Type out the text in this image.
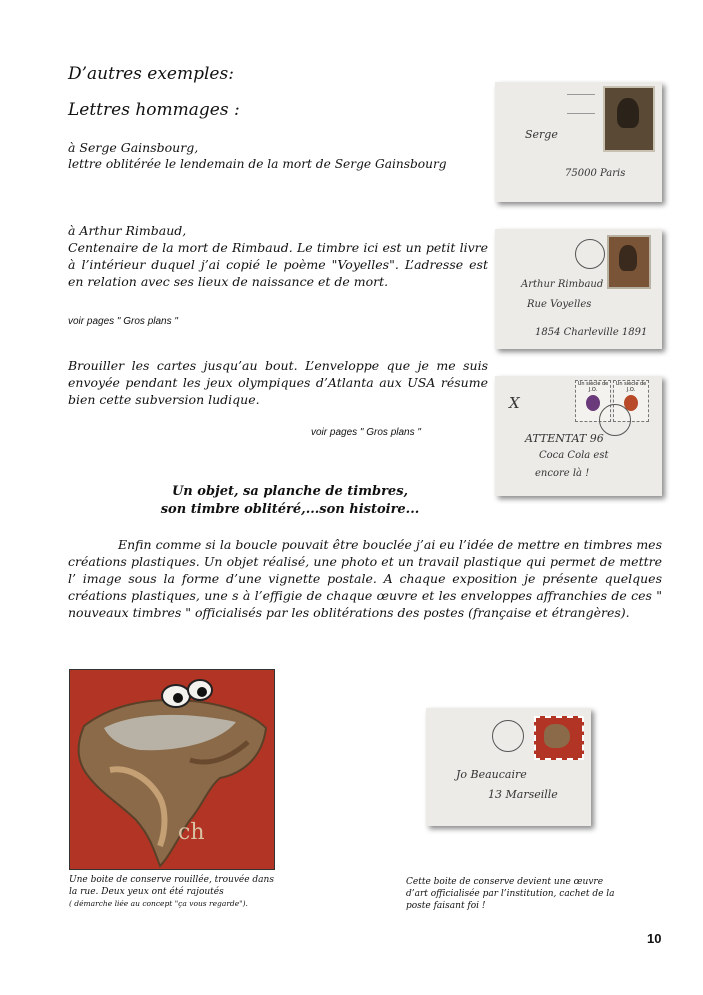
D’autres exemples:
Lettres hommages :
à Serge Gainsbourg,
lettre oblitérée le lendemain de la mort de Serge Gainsbourg
à Arthur Rimbaud,
Centenaire de la mort de Rimbaud. Le timbre ici est un petit livre à l’intérieur duquel j’ai copié le poème "Voyelles". L’adresse est en relation avec ses lieux de naissance et de mort.
voir pages " Gros plans "
Brouiller les cartes jusqu’au bout. L’enveloppe que je me suis envoyée pendant les jeux olympiques d’Atlanta aux USA résume bien cette subversion ludique.
voir pages " Gros plans "
Un objet, sa planche de timbres,
son timbre oblitéré,...son histoire...
Enfin comme si la boucle pouvait être bouclée j’ai eu l’idée de mettre en timbres mes créations plastiques. Un objet réalisé, une photo et un travail plastique qui permet de mettre l’ image sous la forme d’une vignette postale. A chaque exposition je présente quelques créations plastiques, une s à l’effigie de chaque œuvre et les enveloppes affranchies de ces " nouveaux timbres " officialisés par les oblitérations des postes (française et étrangères).
Serge
75000 Paris
Arthur Rimbaud
Rue Voyelles
1854 Charleville 1891
Un siècle de J.O.
Un siècle de J.O.
X
ATTENTAT 96
Coca Cola est
encore là !
ch
Jo Beaucaire
13 Marseille
Une boite de conserve rouillée, trouvée dans la rue. Deux yeux ont été rajoutés
( démarche liée au concept "ça vous regarde").
Cette boite de conserve devient une œuvre d’art officialisée par l’institution, cachet de la poste faisant foi !
10
